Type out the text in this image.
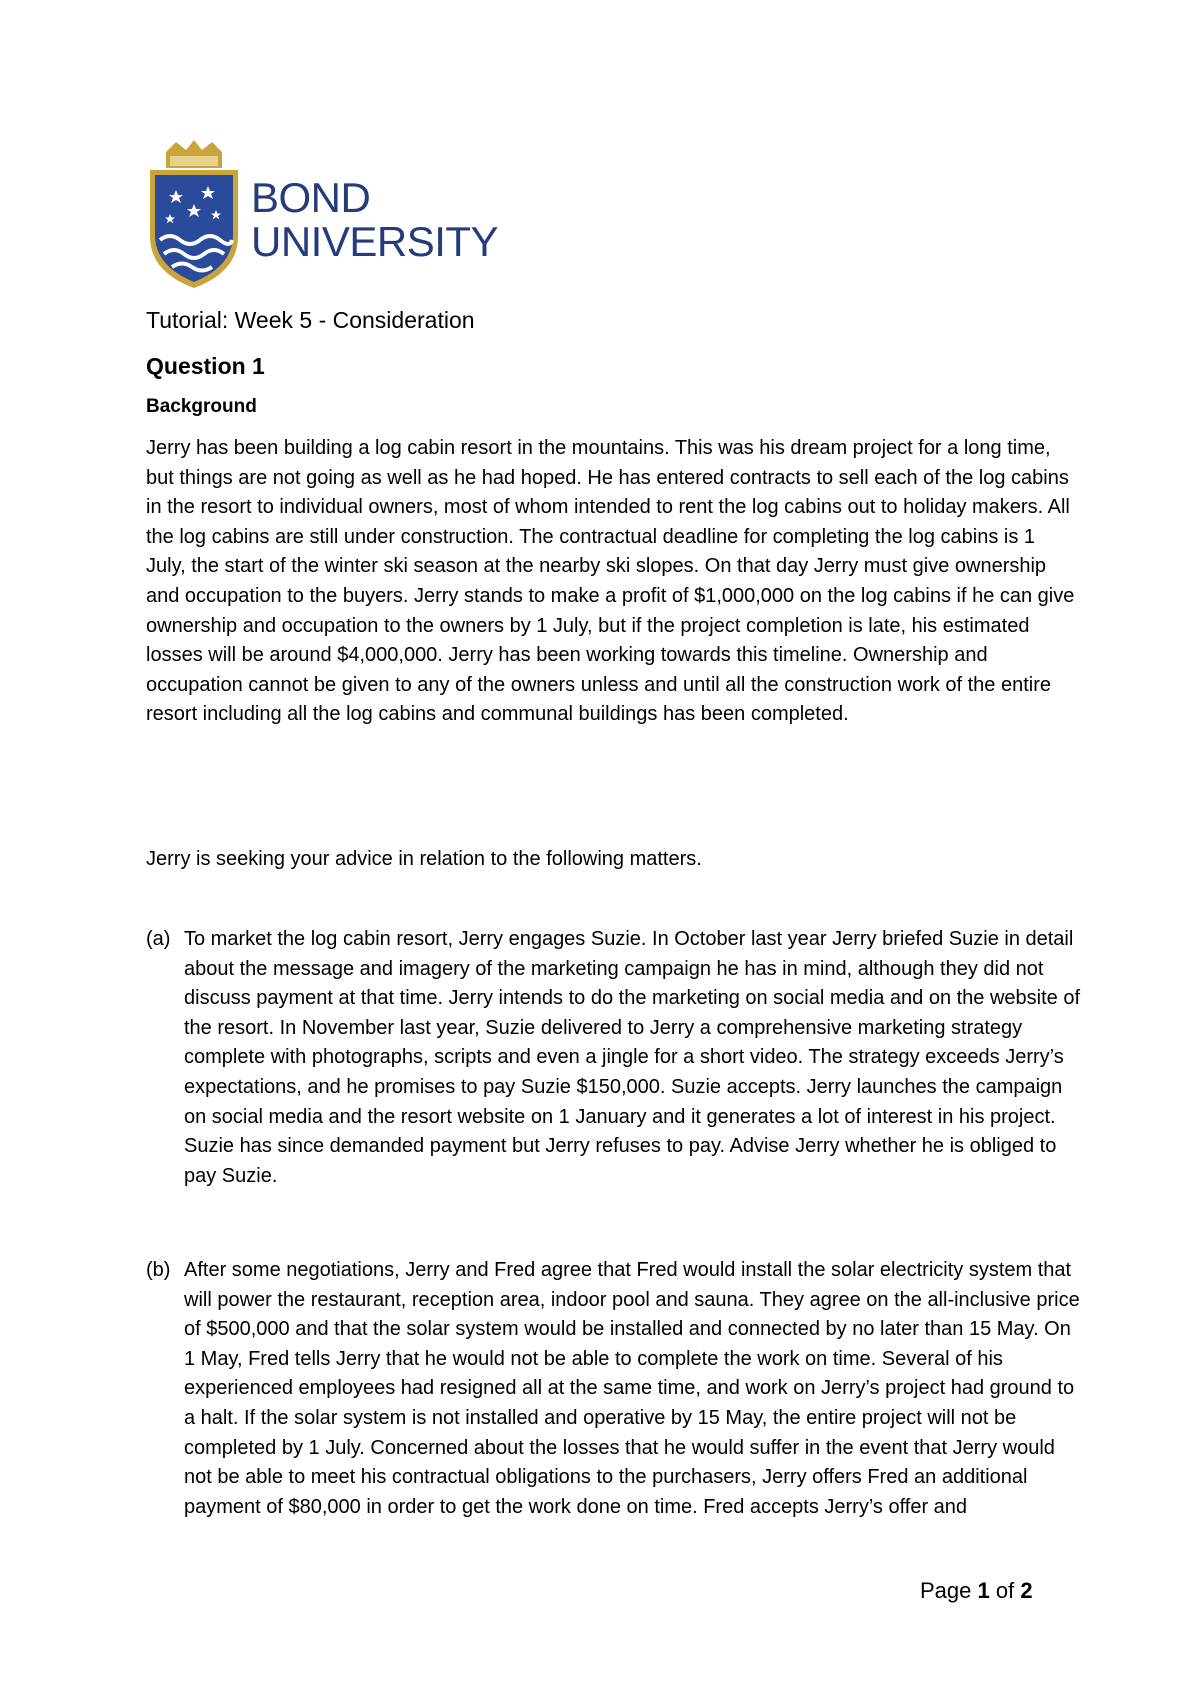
BOND
UNIVERSITY
Tutorial: Week 5 - Consideration
Question 1
Background

Jerry has been building a log cabin resort in the mountains. This was his dream project for a long time, but things are not going as well as he had hoped. He has entered contracts to sell each of the log cabins in the resort to individual owners, most of whom intended to rent the log cabins out to holiday makers. All the log cabins are still under construction. The contractual deadline for completing the log cabins is 1 July, the start of the winter ski season at the nearby ski slopes. On that day Jerry must give ownership and occupation to the buyers. Jerry stands to make a profit of $1,000,000 on the log cabins if he can give ownership and occupation to the owners by 1 July, but if the project completion is late, his estimated losses will be around $4,000,000. Jerry has been working towards this timeline. Ownership and occupation cannot be given to any of the owners unless and until all the construction work of the entire resort including all the log cabins and communal buildings has been completed.

Jerry is seeking your advice in relation to the following matters.

(a) To market the log cabin resort, Jerry engages Suzie. In October last year Jerry briefed Suzie in detail about the message and imagery of the marketing campaign he has in mind, although they did not discuss payment at that time. Jerry intends to do the marketing on social media and on the website of the resort. In November last year, Suzie delivered to Jerry a comprehensive marketing strategy complete with photographs, scripts and even a jingle for a short video. The strategy exceeds Jerry’s expectations, and he promises to pay Suzie $150,000. Suzie accepts. Jerry launches the campaign on social media and the resort website on 1 January and it generates a lot of interest in his project. Suzie has since demanded payment but Jerry refuses to pay. Advise Jerry whether he is obliged to pay Suzie.

(b) After some negotiations, Jerry and Fred agree that Fred would install the solar electricity system that will power the restaurant, reception area, indoor pool and sauna. They agree on the all-inclusive price of $500,000 and that the solar system would be installed and connected by no later than 15 May. On 1 May, Fred tells Jerry that he would not be able to complete the work on time. Several of his experienced employees had resigned all at the same time, and work on Jerry’s project had ground to a halt. If the solar system is not installed and operative by 15 May, the entire project will not be completed by 1 July. Concerned about the losses that he would suffer in the event that Jerry would not be able to meet his contractual obligations to the purchasers, Jerry offers Fred an additional payment of $80,000 in order to get the work done on time. Fred accepts Jerry’s offer and

Page 1 of 2
